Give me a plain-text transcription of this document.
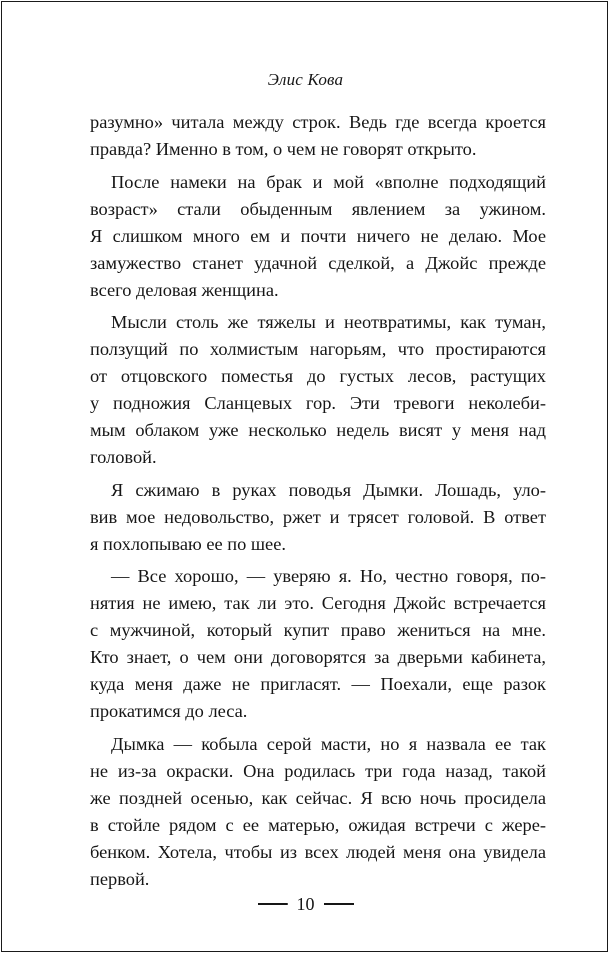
Элис Кова
разумно» читала между строк. Ведь где всегда кроется
правда? Именно в том, о чем не говорят открыто.
После намеки на брак и мой «вполне подходящий
возраст» стали обыденным явлением за ужином.
Я слишком много ем и почти ничего не делаю. Мое
замужество станет удачной сделкой, а Джойс прежде
всего деловая женщина.
Мысли столь же тяжелы и неотвратимы, как туман,
ползущий по холмистым нагорьям, что простираются
от отцовского поместья до густых лесов, растущих
у подножия Сланцевых гор. Эти тревоги неколеби-
мым облаком уже несколько недель висят у меня над
головой.
Я сжимаю в руках поводья Дымки. Лошадь, уло-
вив мое недовольство, ржет и трясет головой. В ответ
я похлопываю ее по шее.
— Все хорошо, — уверяю я. Но, честно говоря, по-
нятия не имею, так ли это. Сегодня Джойс встречается
с мужчиной, который купит право жениться на мне.
Кто знает, о чем они договорятся за дверьми кабинета,
куда меня даже не пригласят. — Поехали, еще разок
прокатимся до леса.
Дымка — кобыла серой масти, но я назвала ее так
не из-за окраски. Она родилась три года назад, такой
же поздней осенью, как сейчас. Я всю ночь просидела
в стойле рядом с ее матерью, ожидая встречи с жере-
бенком. Хотела, чтобы из всех людей меня она увидела
первой.
10
